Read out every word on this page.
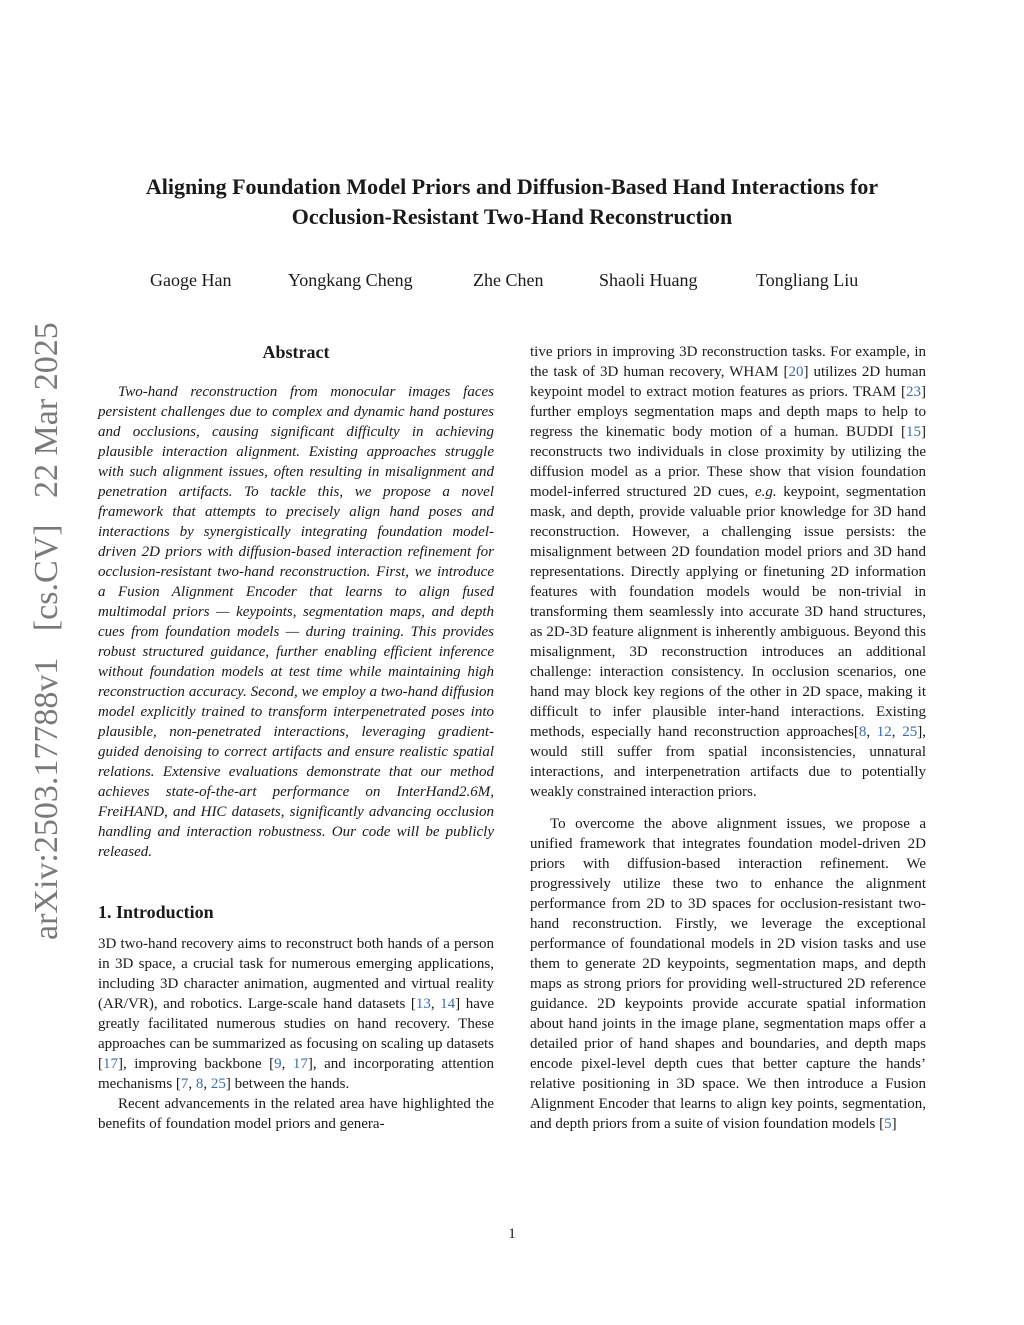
Aligning Foundation Model Priors and Diffusion-Based Hand Interactions for
Occlusion-Resistant Two-Hand Reconstruction
Gaoge Han	Yongkang Cheng	Zhe Chen	Shaoli Huang	Tongliang Liu
arXiv:2503.17788v1 [cs.CV] 22 Mar 2025	Abstract

Two-hand reconstruction from monocular images faces persistent challenges due to complex and dynamic hand postures and occlusions, causing significant difficulty in achieving plausible interaction alignment. Existing approaches struggle with such alignment issues, often resulting in misalignment and penetration artifacts. To tackle this, we propose a novel framework that attempts to precisely align hand poses and interactions by synergistically integrating foundation model-driven 2D priors with diffusion-based interaction refinement for occlusion-resistant two-hand reconstruction. First, we introduce a Fusion Alignment Encoder that learns to align fused multimodal priors — keypoints, segmentation maps, and depth cues from foundation models — during training. This provides robust structured guidance, further enabling efficient inference without foundation models at test time while maintaining high reconstruction accuracy. Second, we employ a two-hand diffusion model explicitly trained to transform interpenetrated poses into plausible, non-penetrated interactions, leveraging gradient-guided denoising to correct artifacts and ensure realistic spatial relations. Extensive evaluations demonstrate that our method achieves state-of-the-art performance on InterHand2.6M, FreiHAND, and HIC datasets, significantly advancing occlusion handling and interaction robustness. Our code will be publicly released.

1. Introduction

3D two-hand recovery aims to reconstruct both hands of a person in 3D space, a crucial task for numerous emerging applications, including 3D character animation, augmented and virtual reality (AR/VR), and robotics. Large-scale hand datasets [13, 14] have greatly facilitated numerous studies on hand recovery. These approaches can be summarized as focusing on scaling up datasets [17], improving backbone [9, 17], and incorporating attention mechanisms [7, 8, 25] between the hands.

Recent advancements in the related area have highlighted the benefits of foundation model priors and genera-

tive priors in improving 3D reconstruction tasks. For example, in the task of 3D human recovery, WHAM [20] utilizes 2D human keypoint model to extract motion features as priors. TRAM [23] further employs segmentation maps and depth maps to help to regress the kinematic body motion of a human. BUDDI [15] reconstructs two individuals in close proximity by utilizing the diffusion model as a prior. These show that vision foundation model-inferred structured 2D cues, e.g. keypoint, segmentation mask, and depth, provide valuable prior knowledge for 3D hand reconstruction. However, a challenging issue persists: the misalignment between 2D foundation model priors and 3D hand representations. Directly applying or finetuning 2D information features with foundation models would be non-trivial in transforming them seamlessly into accurate 3D hand structures, as 2D-3D feature alignment is inherently ambiguous. Beyond this misalignment, 3D reconstruction introduces an additional challenge: interaction consistency. In occlusion scenarios, one hand may block key regions of the other in 2D space, making it difficult to infer plausible inter-hand interactions. Existing methods, especially hand reconstruction approaches[8, 12, 25], would still suffer from spatial inconsistencies, unnatural interactions, and interpenetration artifacts due to potentially weakly constrained interaction priors.

To overcome the above alignment issues, we propose a unified framework that integrates foundation model-driven 2D priors with diffusion-based interaction refinement. We progressively utilize these two to enhance the alignment performance from 2D to 3D spaces for occlusion-resistant two-hand reconstruction. Firstly, we leverage the exceptional performance of foundational models in 2D vision tasks and use them to generate 2D keypoints, segmentation maps, and depth maps as strong priors for providing well-structured 2D reference guidance. 2D keypoints provide accurate spatial information about hand joints in the image plane, segmentation maps offer a detailed prior of hand shapes and boundaries, and depth maps encode pixel-level depth cues that better capture the hands’ relative positioning in 3D space. We then introduce a Fusion Alignment Encoder that learns to align key points, segmentation, and depth priors from a suite of vision foundation models [5]

1
